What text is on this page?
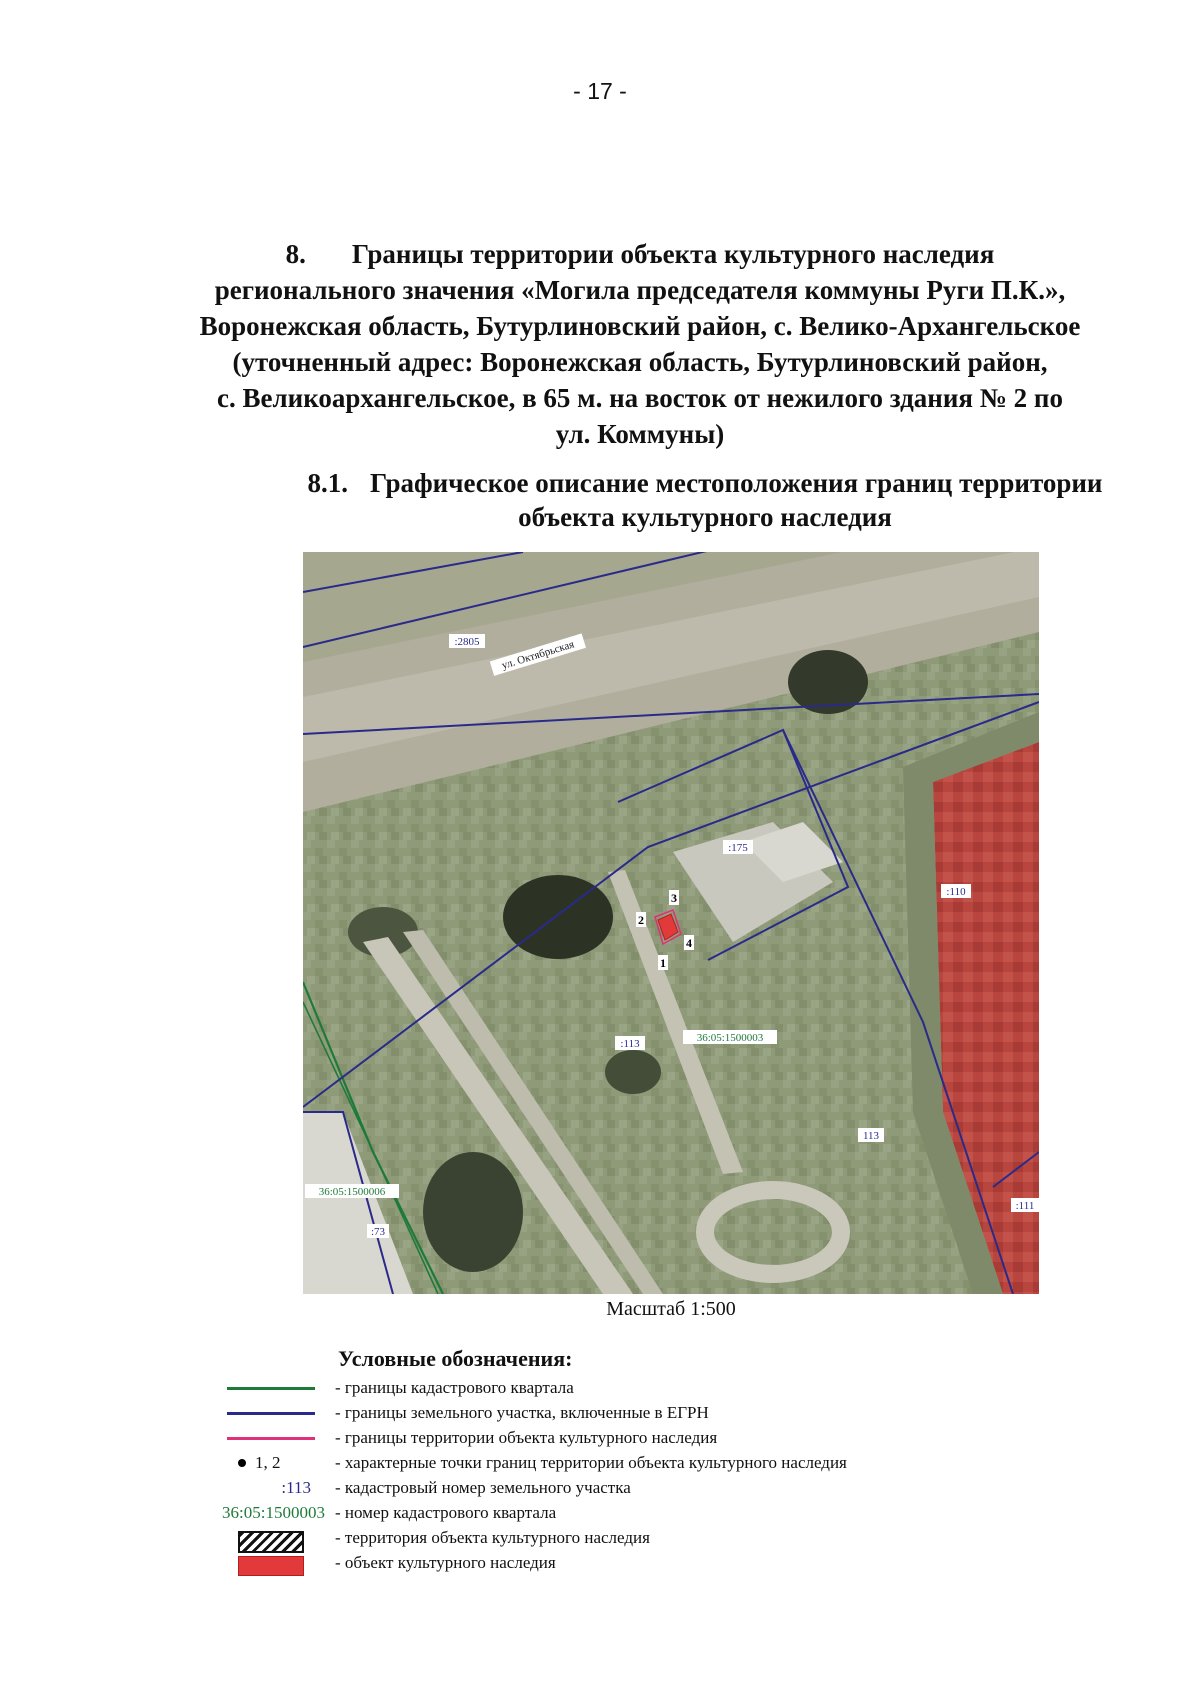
- 17 -
8. Границы территории объекта культурного наследия
регионального значения «Могила председателя коммуны Руги П.К.»,
Воронежская область, Бутурлиновский район, с. Велико-Архангельское
(уточненный адрес: Воронежская область, Бутурлиновский район,
с. Великоархангельское, в 65 м. на восток от нежилого здания № 2 по
ул. Коммуны)
8.1. Графическое описание местоположения границ территории
объекта культурного наследия
:2805 ул. Октябрьская
:175
:110
:113	36:05:1500003
113
36:05:1500006
:111
:73
1
2
3
4
Масштаб 1:500
Условные обозначения:
- границы кадастрового квартала
- границы земельного участка, включенные в ЕГРН
- границы территории объекта культурного наследия
1, 2	- характерные точки границ территории объекта культурного наследия
:113 - кадастровый номер земельного участка
36:05:1500003 - номер кадастрового квартала
- территория объекта культурного наследия
- объект культурного наследия
